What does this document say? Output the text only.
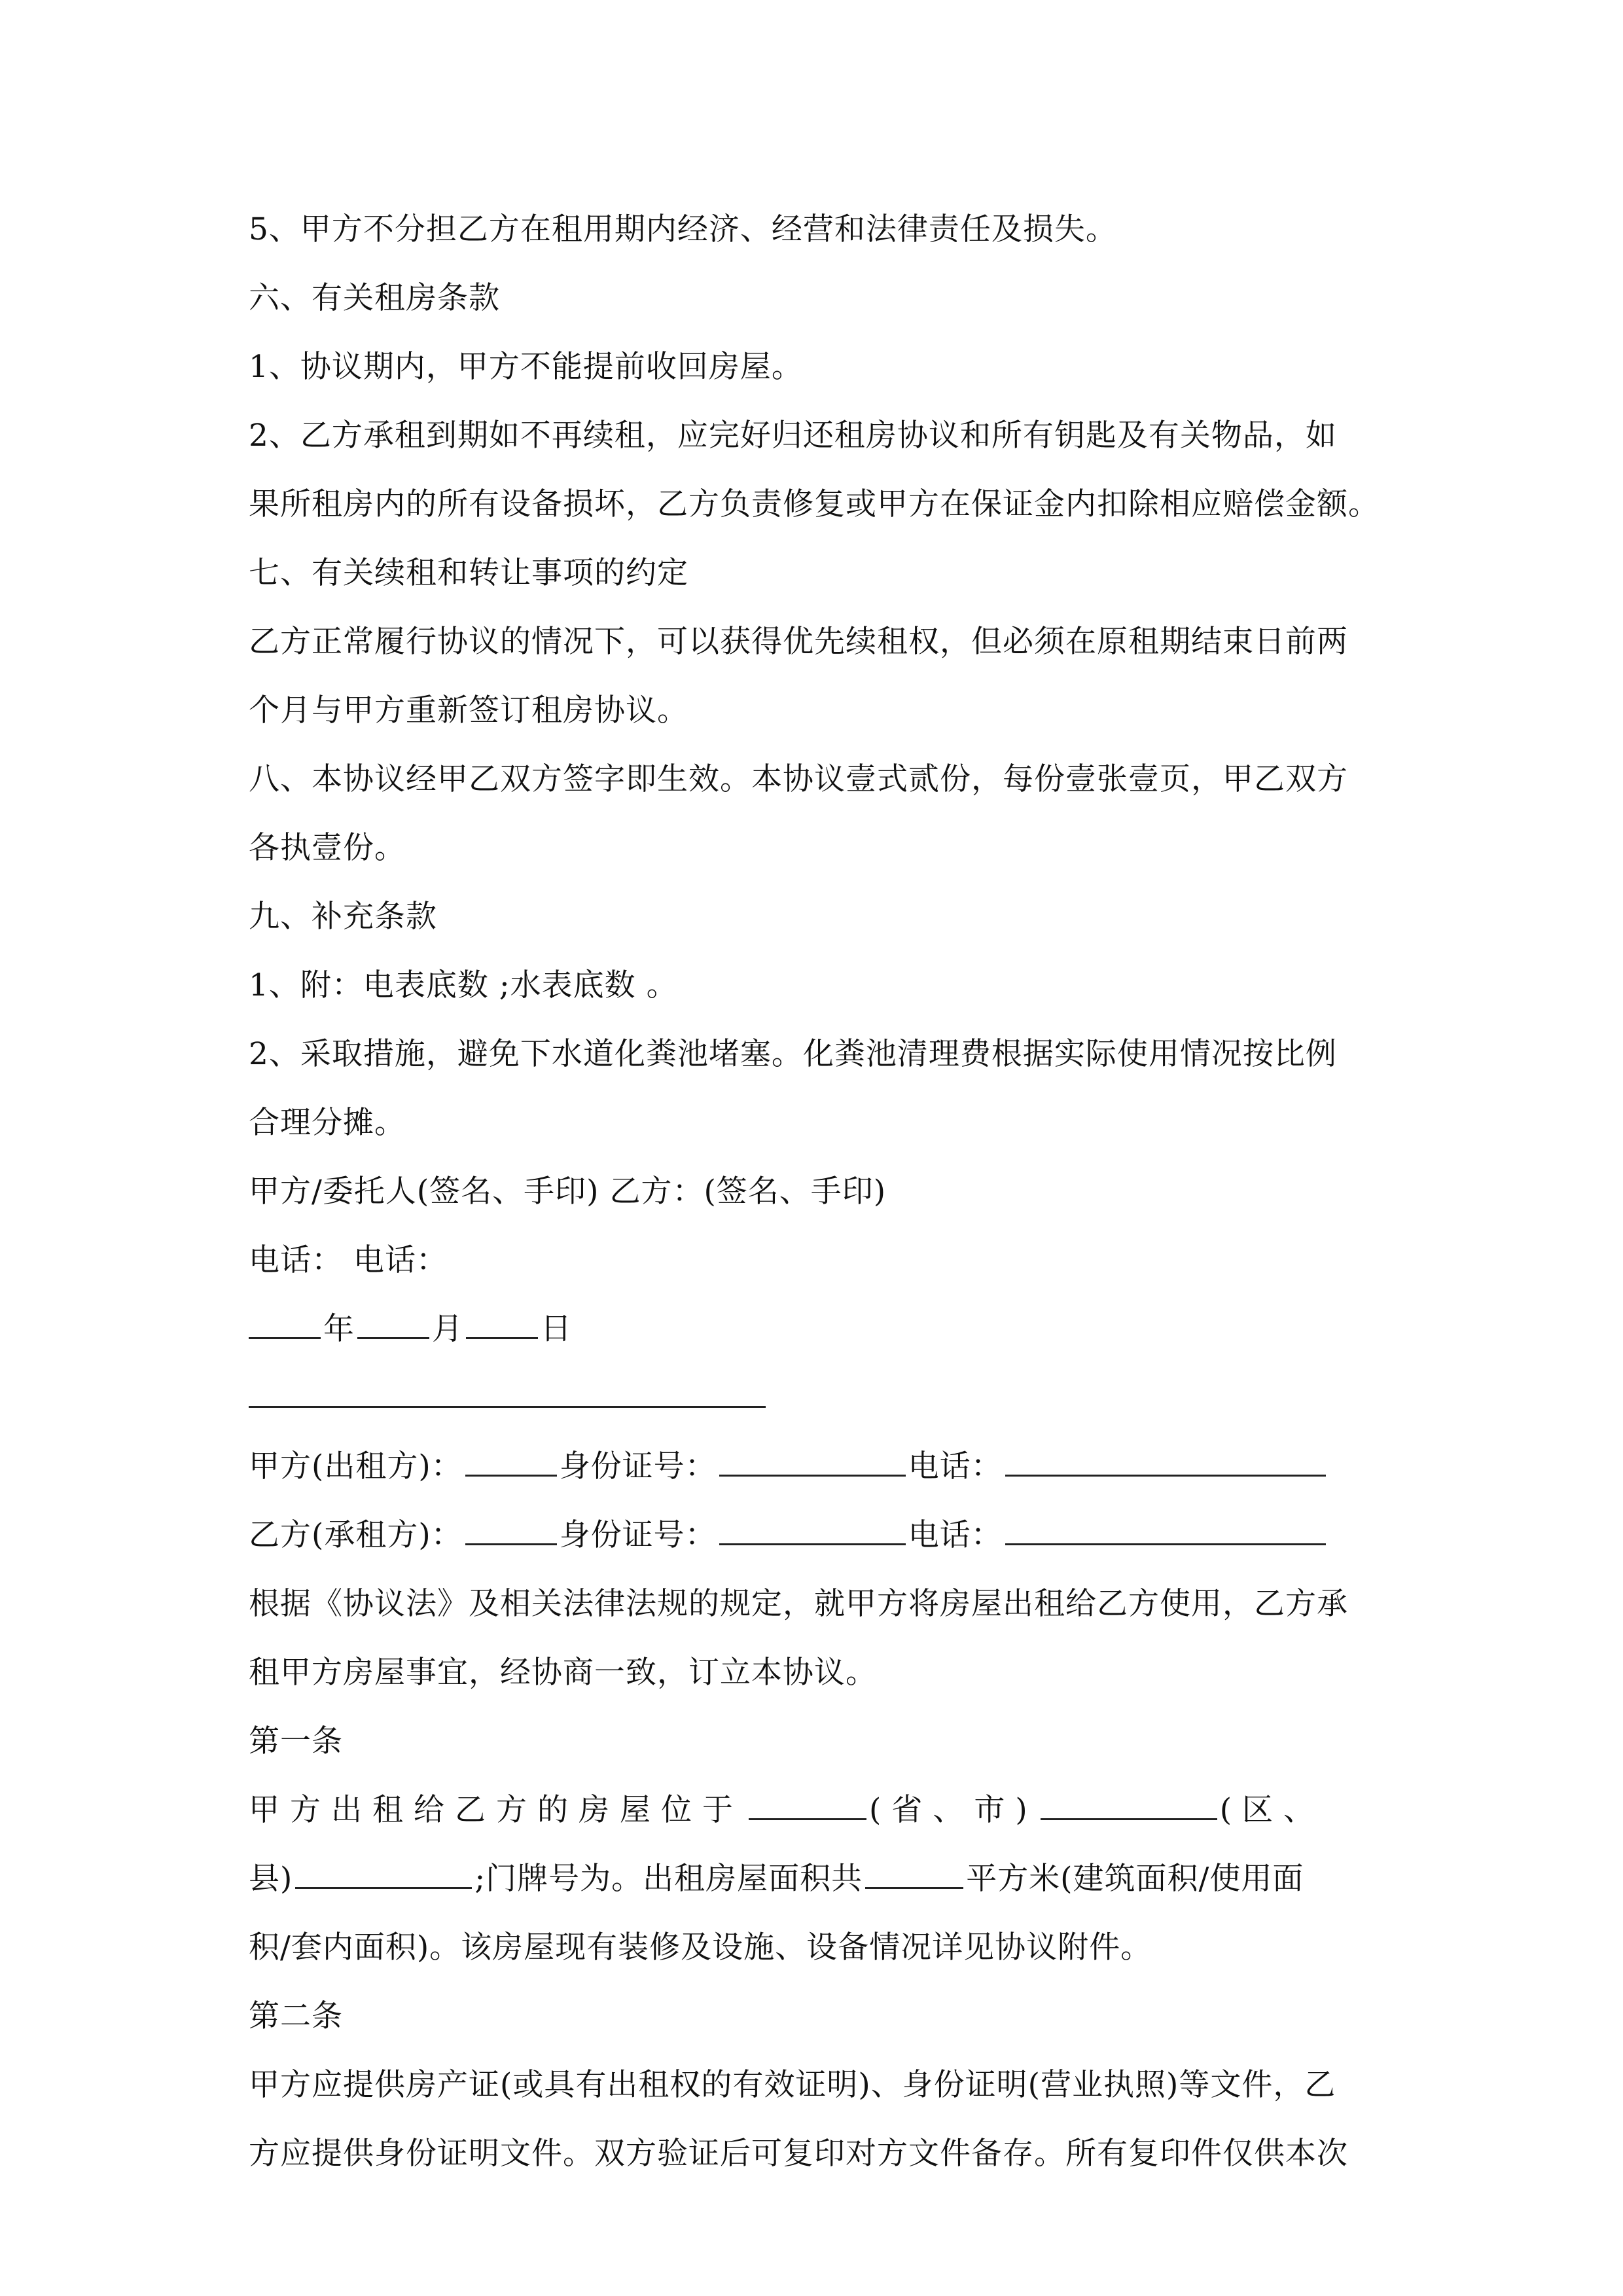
5、甲方不分担乙方在租用期内经济、经营和法律责任及损失。
六、有关租房条款
1、协议期内，甲方不能提前收回房屋。
2、乙方承租到期如不再续租，应完好归还租房协议和所有钥匙及有关物品，如
果所租房内的所有设备损坏，乙方负责修复或甲方在保证金内扣除相应赔偿金额。
七、有关续租和转让事项的约定
乙方正常履行协议的情况下，可以获得优先续租权，但必须在原租期结束日前两
个月与甲方重新签订租房协议。
八、本协议经甲乙双方签字即生效。本协议壹式贰份，每份壹张壹页，甲乙双方
各执壹份。
九、补充条款
1、附：电表底数 ;水表底数 。
2、采取措施，避免下水道化粪池堵塞。化粪池清理费根据实际使用情况按比例
合理分摊。
甲方/委托人(签名、手印) 乙方：(签名、手印)
电话： 电话：
年	月	日
甲方(出租方)：	身份证号：	电话：
乙方(承租方)：	身份证号：	电话：
根据《协议法》及相关法律法规的规定，就甲方将房屋出租给乙方使用，乙方承
租甲方房屋事宜，经协商一致，订立本协议。
第一条
甲方出租给乙方的房屋位于	(省、市)	(区、
县)	;门牌号为。出租房屋面积共	平方米(建筑面积/使用面
积/套内面积)。该房屋现有装修及设施、设备情况详见协议附件。
第二条
甲方应提供房产证(或具有出租权的有效证明)、身份证明(营业执照)等文件，乙
方应提供身份证明文件。双方验证后可复印对方文件备存。所有复印件仅供本次
